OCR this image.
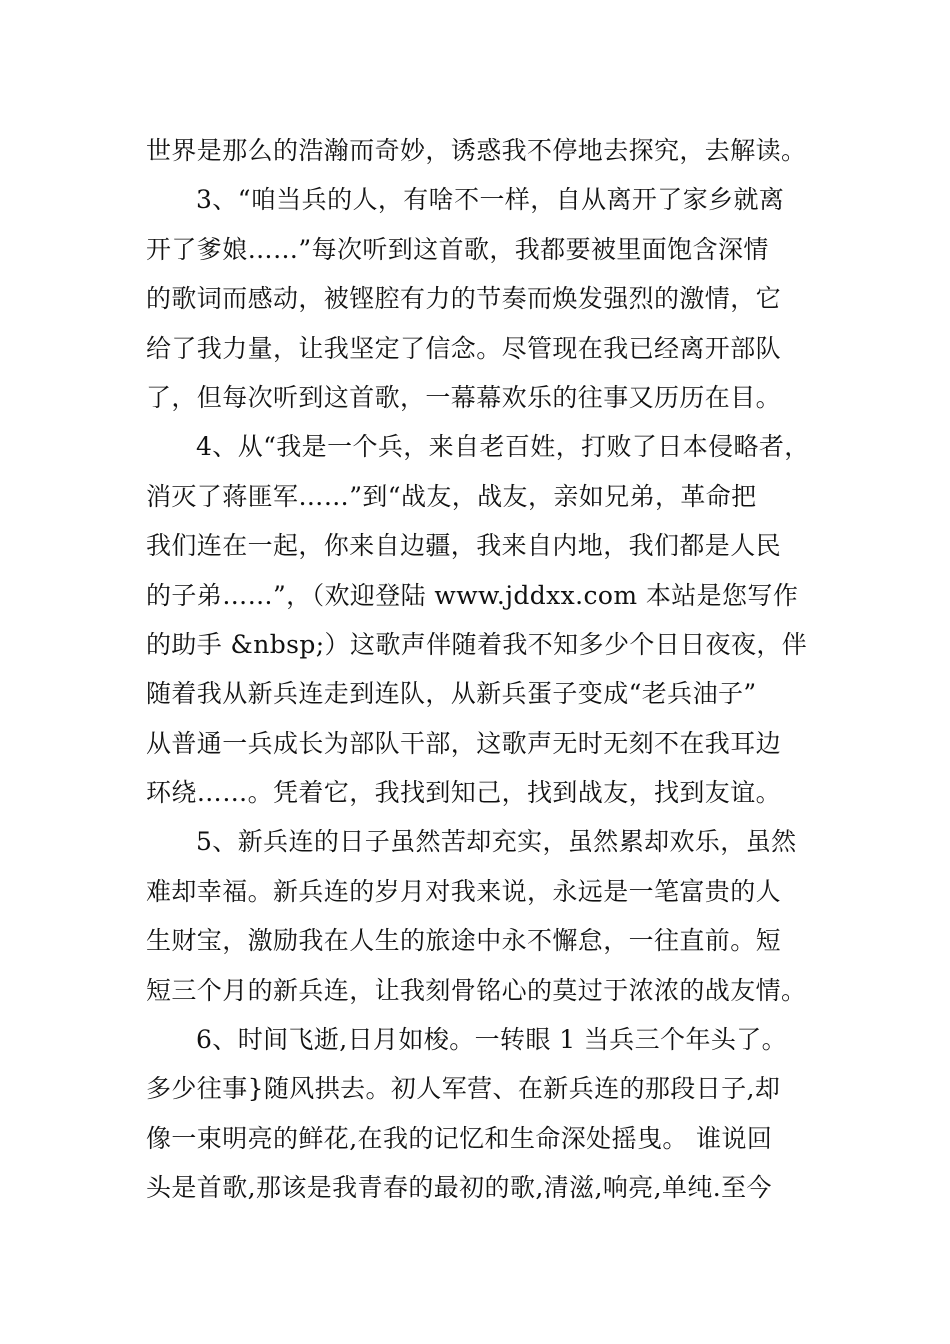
世界是那么的浩瀚而奇妙，诱惑我不停地去探究，去解读。
3、“咱当兵的人，有啥不一样，自从离开了家乡就离
开了爹娘……”每次听到这首歌，我都要被里面饱含深情
的歌词而感动，被铿腔有力的节奏而焕发强烈的激情，它
给了我力量，让我坚定了信念。尽管现在我已经离开部队
了，但每次听到这首歌，一幕幕欢乐的往事又历历在目。
4、从“我是一个兵，来自老百姓，打败了日本侵略者，
消灭了蒋匪军……”到“战友，战友，亲如兄弟，革命把
我们连在一起，你来自边疆，我来自内地，我们都是人民
的子弟……”，（欢迎登陆 www.jddxx.com 本站是您写作
的助手 &nbsp;）这歌声伴随着我不知多少个日日夜夜，伴
随着我从新兵连走到连队，从新兵蛋子变成“老兵油子”
从普通一兵成长为部队干部，这歌声无时无刻不在我耳边
环绕……。凭着它，我找到知己，找到战友，找到友谊。
5、新兵连的日子虽然苦却充实，虽然累却欢乐，虽然
难却幸福。新兵连的岁月对我来说，永远是一笔富贵的人
生财宝，激励我在人生的旅途中永不懈怠，一往直前。短
短三个月的新兵连，让我刻骨铭心的莫过于浓浓的战友情。
6、时间飞逝,日月如梭。一转眼 1 当兵三个年头了。
多少往事}随风拱去。初人军营、在新兵连的那段日子,却
像一束明亮的鲜花,在我的记忆和生命深处摇曳。 谁说回
头是首歌,那该是我青春的最初的歌,清滋,响亮,单纯.至今
